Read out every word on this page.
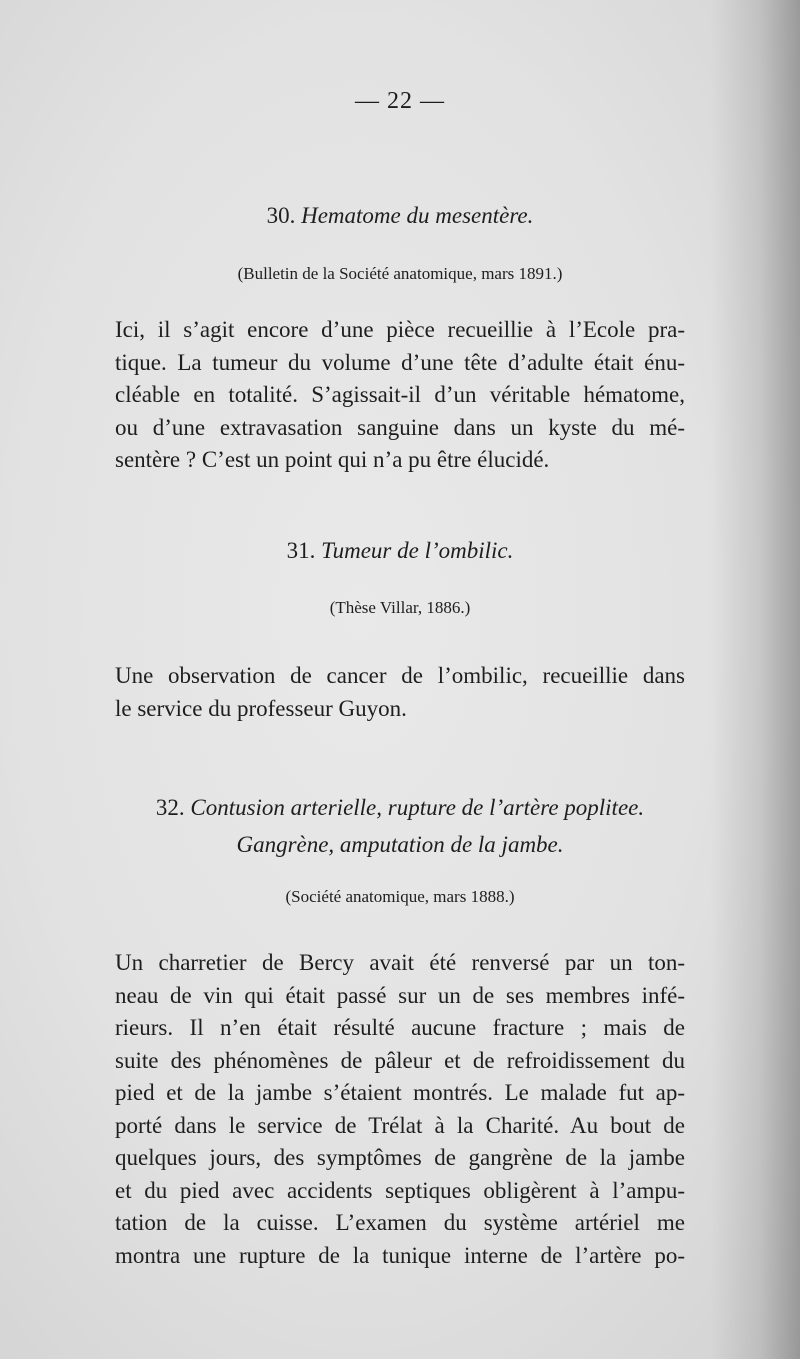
— 22 —
30. Hematome du mesentère.
(Bulletin de la Société anatomique, mars 1891.)
Ici, il s’agit encore d’une pièce recueillie à l’Ecole pra-
tique. La tumeur du volume d’une tête d’adulte était énu-
cléable en totalité. S’agissait-il d’un véritable hématome,
ou d’une extravasation sanguine dans un kyste du mé-
sentère ? C’est un point qui n’a pu être élucidé.
31. Tumeur de l’ombilic.
(Thèse Villar, 1886.)
Une observation de cancer de l’ombilic, recueillie dans
le service du professeur Guyon.
32. Contusion arterielle, rupture de l’artère poplitee.
Gangrène, amputation de la jambe.
(Société anatomique, mars 1888.)
Un charretier de Bercy avait été renversé par un ton-
neau de vin qui était passé sur un de ses membres infé-
rieurs. Il n’en était résulté aucune fracture ; mais de
suite des phénomènes de pâleur et de refroidissement du
pied et de la jambe s’étaient montrés. Le malade fut ap-
porté dans le service de Trélat à la Charité. Au bout de
quelques jours, des symptômes de gangrène de la jambe
et du pied avec accidents septiques obligèrent à l’ampu-
tation de la cuisse. L’examen du système artériel me
montra une rupture de la tunique interne de l’artère po-
